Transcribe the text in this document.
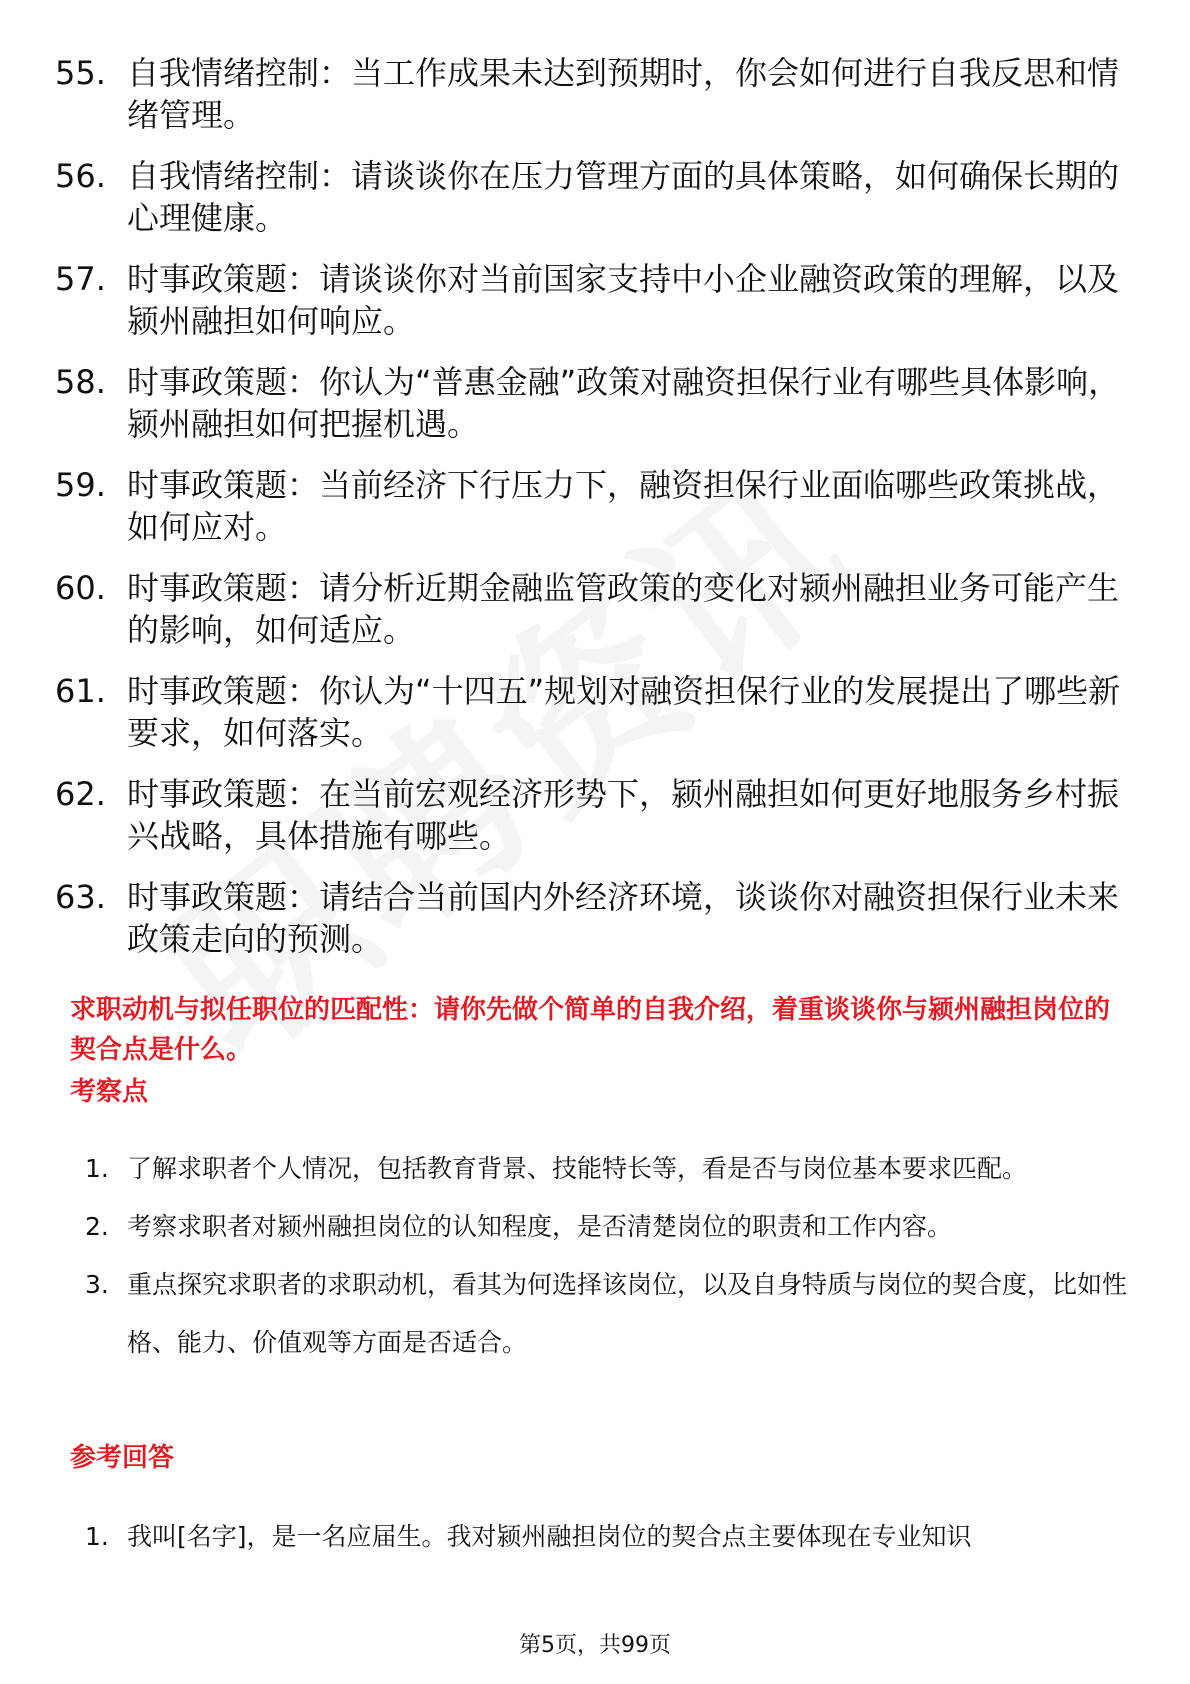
55. 自我情绪控制：当工作成果未达到预期时，你会如何进行自我反思和情绪管理。
56. 自我情绪控制：请谈谈你在压力管理方面的具体策略，如何确保长期的心理健康。
57. 时事政策题：请谈谈你对当前国家支持中小企业融资政策的理解，以及颍州融担如何响应。
58. 时事政策题：你认为“普惠金融”政策对融资担保行业有哪些具体影响，颍州融担如何把握机遇。
59. 时事政策题：当前经济下行压力下，融资担保行业面临哪些政策挑战，如何应对。
60. 时事政策题：请分析近期金融监管政策的变化对颍州融担业务可能产生的影响，如何适应。
61. 时事政策题：你认为“十四五”规划对融资担保行业的发展提出了哪些新要求，如何落实。
62. 时事政策题：在当前宏观经济形势下，颍州融担如何更好地服务乡村振兴战略，具体措施有哪些。
63. 时事政策题：请结合当前国内外经济环境，谈谈你对融资担保行业未来政策走向的预测。
求职动机与拟任职位的匹配性：请你先做个简单的自我介绍，着重谈谈你与颍州融担岗位的契合点是什么。
考察点
1. 了解求职者个人情况，包括教育背景、技能特长等，看是否与岗位基本要求匹配。
2. 考察求职者对颍州融担岗位的认知程度，是否清楚岗位的职责和工作内容。
3. 重点探究求职者的求职动机，看其为何选择该岗位，以及自身特质与岗位的契合度，比如性格、能力、价值观等方面是否适合。
参考回答
1. 我叫[名字]，是一名应届生。我对颍州融担岗位的契合点主要体现在专业知识
第5页，共99页
